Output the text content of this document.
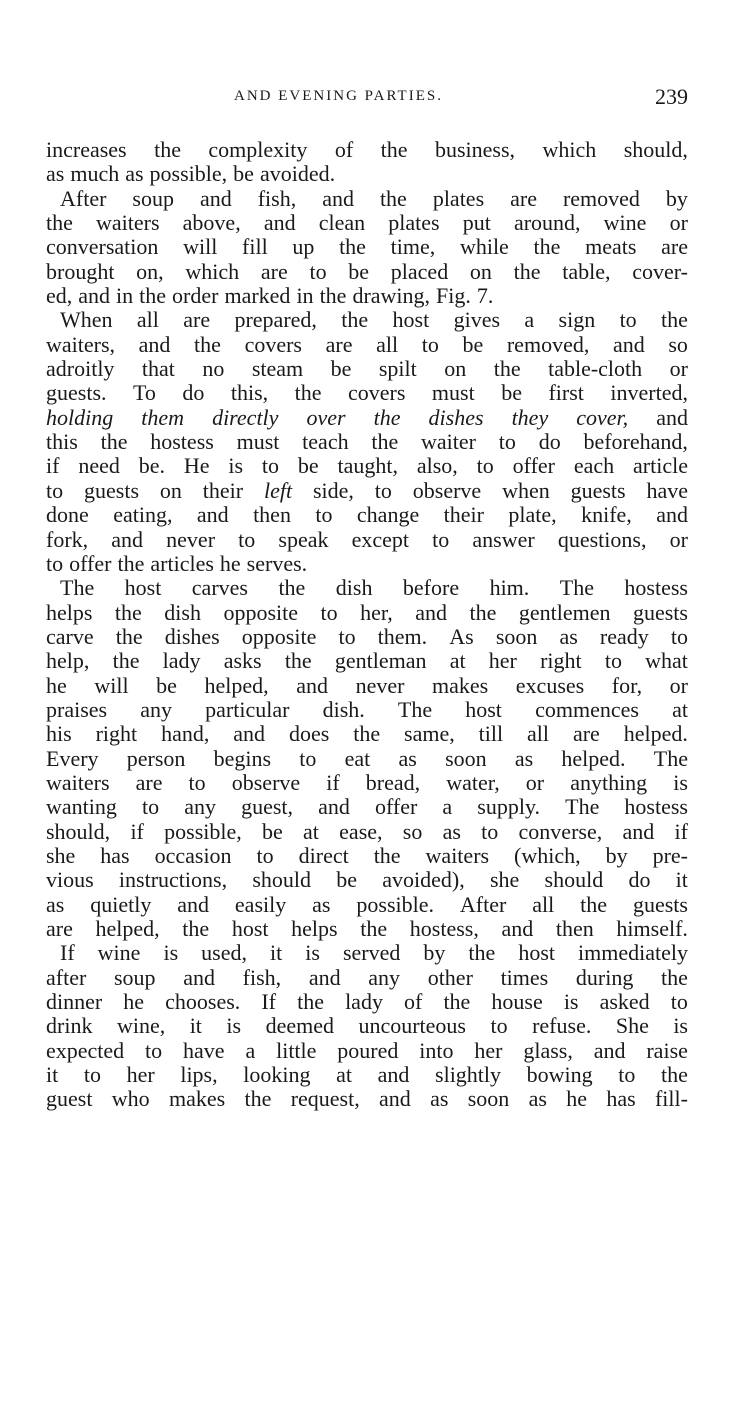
AND EVENING PARTIES.	239
increases the complexity of the business, which should,
as much as possible, be avoided.
After soup and fish, and the plates are removed by
the waiters above, and clean plates put around, wine or
conversation will fill up the time, while the meats are
brought on, which are to be placed on the table, cover-
ed, and in the order marked in the drawing, Fig. 7.
When all are prepared, the host gives a sign to the
waiters, and the covers are all to be removed, and so
adroitly that no steam be spilt on the table-cloth or
guests. To do this, the covers must be first inverted,
holding them directly over the dishes they cover, and
this the hostess must teach the waiter to do beforehand,
if need be. He is to be taught, also, to offer each article
to guests on their left side, to observe when guests have
done eating, and then to change their plate, knife, and
fork, and never to speak except to answer questions, or
to offer the articles he serves.
The host carves the dish before him. The hostess
helps the dish opposite to her, and the gentlemen guests
carve the dishes opposite to them. As soon as ready to
help, the lady asks the gentleman at her right to what
he will be helped, and never makes excuses for, or
praises any particular dish. The host commences at
his right hand, and does the same, till all are helped.
Every person begins to eat as soon as helped. The
waiters are to observe if bread, water, or anything is
wanting to any guest, and offer a supply. The hostess
should, if possible, be at ease, so as to converse, and if
she has occasion to direct the waiters (which, by pre-
vious instructions, should be avoided), she should do it
as quietly and easily as possible. After all the guests
are helped, the host helps the hostess, and then himself.
If wine is used, it is served by the host immediately
after soup and fish, and any other times during the
dinner he chooses. If the lady of the house is asked to
drink wine, it is deemed uncourteous to refuse. She is
expected to have a little poured into her glass, and raise
it to her lips, looking at and slightly bowing to the
guest who makes the request, and as soon as he has fill-
